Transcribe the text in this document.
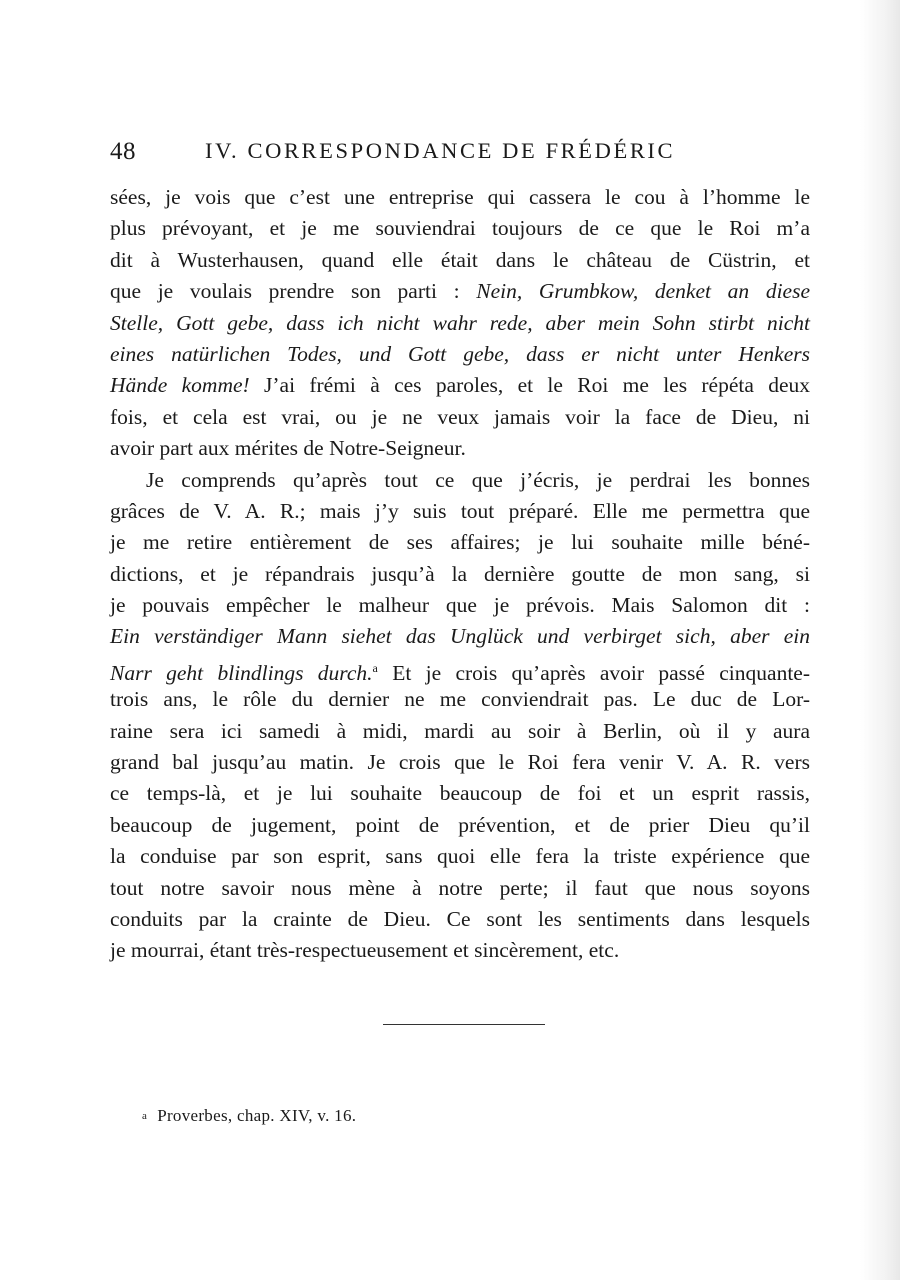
48	IV. CORRESPONDANCE DE FRÉDÉRIC
sées, je vois que c’est une entreprise qui cassera le cou à l’homme le
plus prévoyant, et je me souviendrai toujours de ce que le Roi m’a
dit à Wusterhausen, quand elle était dans le château de Cüstrin, et
que je voulais prendre son parti : Nein, Grumbkow, denket an diese
Stelle, Gott gebe, dass ich nicht wahr rede, aber mein Sohn stirbt nicht
eines natürlichen Todes, und Gott gebe, dass er nicht unter Henkers
Hände komme! J’ai frémi à ces paroles, et le Roi me les répéta deux
fois, et cela est vrai, ou je ne veux jamais voir la face de Dieu, ni
avoir part aux mérites de Notre-Seigneur.
Je comprends qu’après tout ce que j’écris, je perdrai les bonnes
grâces de V. A. R.; mais j’y suis tout préparé. Elle me permettra que
je me retire entièrement de ses affaires; je lui souhaite mille béné-
dictions, et je répandrais jusqu’à la dernière goutte de mon sang, si
je pouvais empêcher le malheur que je prévois. Mais Salomon dit :
Ein verständiger Mann siehet das Unglück und verbirget sich, aber ein
Narr geht blindlings durch.$^a$ Et je crois qu’après avoir passé cinquante-
trois ans, le rôle du dernier ne me conviendrait pas. Le duc de Lor-
raine sera ici samedi à midi, mardi au soir à Berlin, où il y aura
grand bal jusqu’au matin. Je crois que le Roi fera venir V. A. R. vers
ce temps-là, et je lui souhaite beaucoup de foi et un esprit rassis,
beaucoup de jugement, point de prévention, et de prier Dieu qu’il
la conduise par son esprit, sans quoi elle fera la triste expérience que
tout notre savoir nous mène à notre perte; il faut que nous soyons
conduits par la crainte de Dieu. Ce sont les sentiments dans lesquels
je mourrai, étant très-respectueusement et sincèrement, etc.
a Proverbes, chap. XIV, v. 16.
